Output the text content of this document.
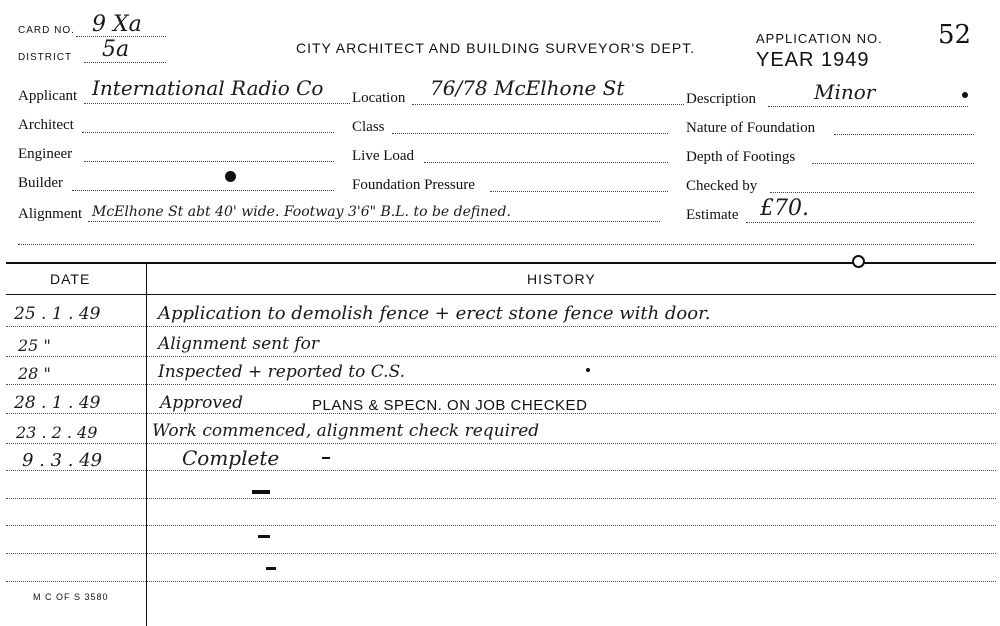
CARD NO. 9 Xa
DISTRICT 5a	CITY ARCHITECT AND BUILDING SURVEYOR'S DEPT.
APPLICATION NO. 52
YEAR 1949
Applicant International Radio Co Location 76/78 McElhone St	Description	Minor
Architect	Class	Nature of Foundation
Engineer	Live Load	Depth of Footings
Builder	Foundation Pressure	Checked by
Alignment McElhone St abt 40' wide. Footway 3'6" B.L. to be defined.	Estimate £70.
DATE	HISTORY
25 . 1 . 49	Application to demolish fence + erect stone fence with door.
25 "	Alignment sent for
28 "	Inspected + reported to C.S.
28 . 1 . 49	Approved	PLANS & SPECN. ON JOB CHECKED
23 . 2 . 49	Work commenced, alignment check required
9 . 3 . 49	Complete
M C OF S 3580
